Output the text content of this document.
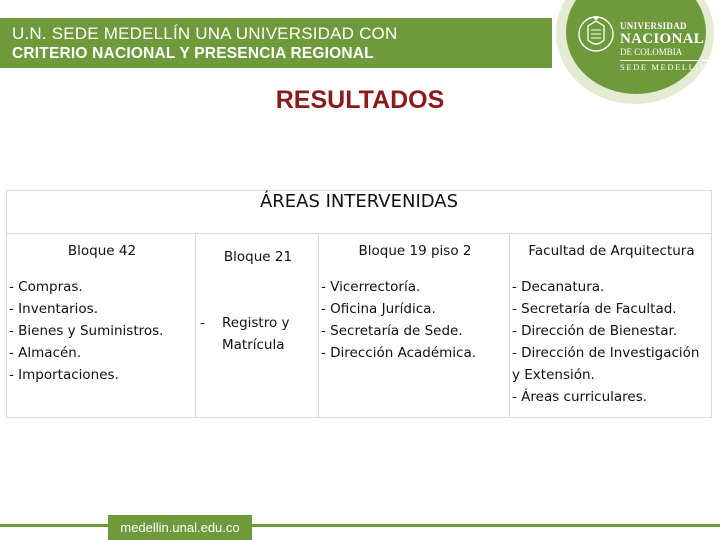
U.N. SEDE MEDELLÍN UNA UNIVERSIDAD CON
CRITERIO NACIONAL Y PRESENCIA REGIONAL
UNIVERSIDAD
NACIONAL
DE COLOMBIA
SEDE MEDELLÍN
RESULTADOS
ÁREAS INTERVENIDAS

Bloque 42
- Compras.
- Inventarios.
- Bienes y Suministros.
- Almacén.
- Importaciones.

Bloque 21
-	Registro y Matrícula

Bloque 19 piso 2
- Vicerrectoría.
- Oficina Jurídica.
- Secretaría de Sede.
- Dirección Académica.

Facultad de Arquitectura
- Decanatura.
- Secretaría de Facultad.
- Dirección de Bienestar.
- Dirección de Investigación y Extensión.
- Áreas curriculares.
medellin.unal.edu.co
